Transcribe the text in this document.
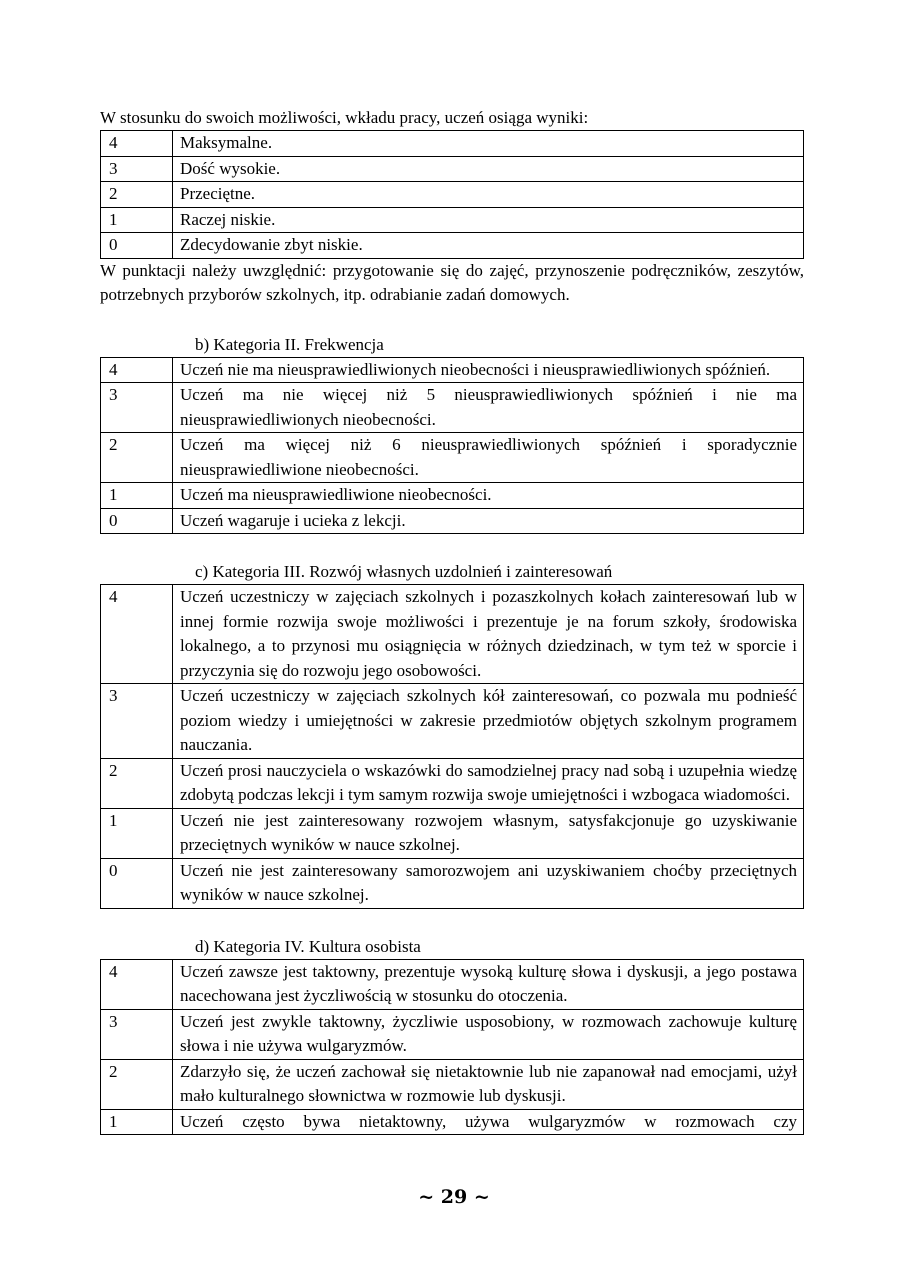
W stosunku do swoich możliwości, wkładu pracy, uczeń osiąga wyniki:

4	Maksymalne.
3	Dość wysokie.
2	Przeciętne.
1	Raczej niskie.
0	Zdecydowanie zbyt niskie.

W punktacji należy uwzględnić: przygotowanie się do zajęć, przynoszenie podręczników, zeszytów, potrzebnych przyborów szkolnych, itp. odrabianie zadań domowych.

b) Kategoria II. Frekwencja

4	Uczeń nie ma nieusprawiedliwionych nieobecności i nieusprawiedliwionych spóźnień.
3	Uczeń ma nie więcej niż 5 nieusprawiedliwionych spóźnień i nie ma nieusprawiedliwionych nieobecności.
2	Uczeń ma więcej niż 6 nieusprawiedliwionych spóźnień i sporadycznie nieusprawiedliwione nieobecności.
1	Uczeń ma nieusprawiedliwione nieobecności.
0	Uczeń wagaruje i ucieka z lekcji.

c) Kategoria III. Rozwój własnych uzdolnień i zainteresowań

4	Uczeń uczestniczy w zajęciach szkolnych i pozaszkolnych kołach zainteresowań lub w innej formie rozwija swoje możliwości i prezentuje je na forum szkoły, środowiska lokalnego, a to przynosi mu osiągnięcia w różnych dziedzinach, w tym też w sporcie i przyczynia się do rozwoju jego osobowości.
3	Uczeń uczestniczy w zajęciach szkolnych kół zainteresowań, co pozwala mu podnieść poziom wiedzy i umiejętności w zakresie przedmiotów objętych szkolnym programem nauczania.
2	Uczeń prosi nauczyciela o wskazówki do samodzielnej pracy nad sobą i uzupełnia wiedzę zdobytą podczas lekcji i tym samym rozwija swoje umiejętności i wzbogaca wiadomości.
1	Uczeń nie jest zainteresowany rozwojem własnym, satysfakcjonuje go uzyskiwanie przeciętnych wyników w nauce szkolnej.
0	Uczeń nie jest zainteresowany samorozwojem ani uzyskiwaniem choćby przeciętnych wyników w nauce szkolnej.

d) Kategoria IV. Kultura osobista

4	Uczeń zawsze jest taktowny, prezentuje wysoką kulturę słowa i dyskusji, a jego postawa nacechowana jest życzliwością w stosunku do otoczenia.
3	Uczeń jest zwykle taktowny, życzliwie usposobiony, w rozmowach zachowuje kulturę słowa i nie używa wulgaryzmów.
2	Zdarzyło się, że uczeń zachował się nietaktownie lub nie zapanował nad emocjami, użył mało kulturalnego słownictwa w rozmowie lub dyskusji.
1	Uczeń często bywa nietaktowny, używa wulgaryzmów w rozmowach czy
~ 29 ~
